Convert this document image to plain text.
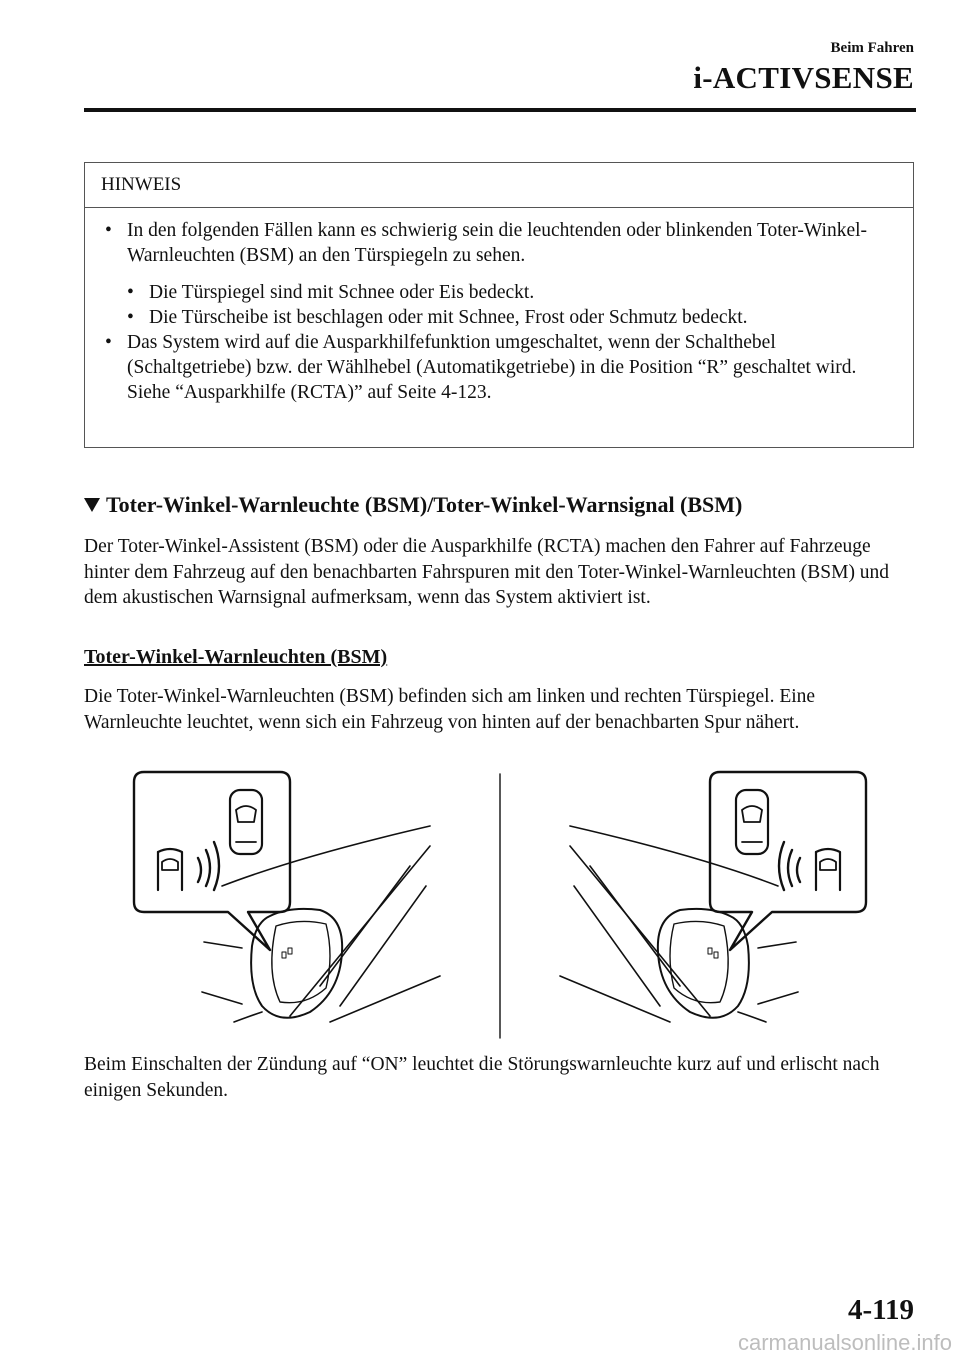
Beim Fahren
i-ACTIVSENSE
HINWEIS
• In den folgenden Fällen kann es schwierig sein die leuchtenden oder blinkenden Toter-Winkel-Warnleuchten (BSM) an den Türspiegeln zu sehen.
• Die Türspiegel sind mit Schnee oder Eis bedeckt.
• Die Türscheibe ist beschlagen oder mit Schnee, Frost oder Schmutz bedeckt.
• Das System wird auf die Ausparkhilfefunktion umgeschaltet, wenn der Schalthebel (Schaltgetriebe) bzw. der Wählhebel (Automatikgetriebe) in die Position “R” geschaltet wird.
Siehe “Ausparkhilfe (RCTA)” auf Seite 4-123.
Toter-Winkel-Warnleuchte (BSM)/Toter-Winkel-Warnsignal (BSM)
Der Toter-Winkel-Assistent (BSM) oder die Ausparkhilfe (RCTA) machen den Fahrer auf Fahrzeuge hinter dem Fahrzeug auf den benachbarten Fahrspuren mit den Toter-Winkel-Warnleuchten (BSM) und dem akustischen Warnsignal aufmerksam, wenn das System aktiviert ist.
Toter-Winkel-Warnleuchten (BSM)
Die Toter-Winkel-Warnleuchten (BSM) befinden sich am linken und rechten Türspiegel. Eine Warnleuchte leuchtet, wenn sich ein Fahrzeug von hinten auf der benachbarten Spur nähert.
Beim Einschalten der Zündung auf “ON” leuchtet die Störungswarnleuchte kurz auf und erlischt nach einigen Sekunden.
4-119
carmanualsonline.info
